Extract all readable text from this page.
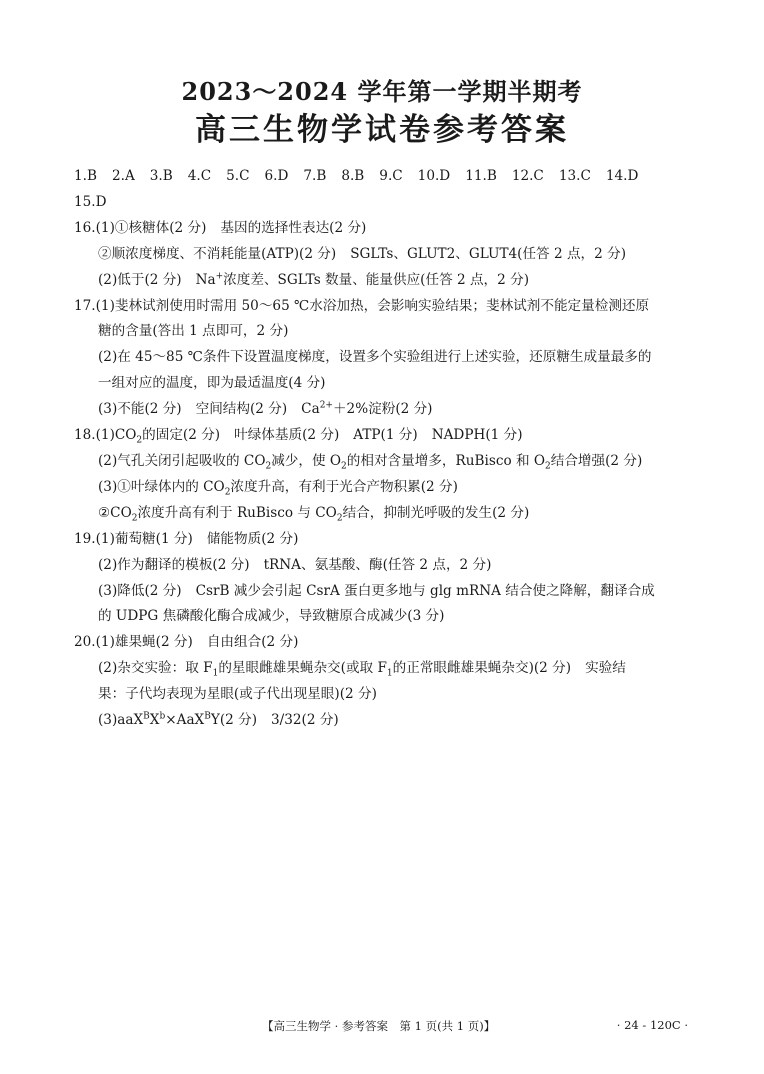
2023～2024 学年第一学期半期考
高三生物学试卷参考答案
1.B 2.A 3.B 4.C 5.C 6.D 7.B 8.B 9.C 10.D 11.B 12.C 13.C 14.D
15.D
16.(1)①核糖体(2 分) 基因的选择性表达(2 分)
②顺浓度梯度、不消耗能量(ATP)(2 分) SGLTs、GLUT2、GLUT4(任答 2 点，2 分)
(2)低于(2 分) Na+浓度差、SGLTs 数量、能量供应(任答 2 点，2 分)
17.(1)斐林试剂使用时需用 50～65 ℃水浴加热，会影响实验结果；斐林试剂不能定量检测还原
糖的含量(答出 1 点即可，2 分)
(2)在 45～85 ℃条件下设置温度梯度，设置多个实验组进行上述实验，还原糖生成量最多的
一组对应的温度，即为最适温度(4 分)
(3)不能(2 分) 空间结构(2 分) $Ca^{2+}+2\%$淀粉(2 分)
$18.(1)CO_2$的固定(2 分) 叶绿体基质(2 分) ATP(1 分) NADPH(1 分)
(2)气孔关闭引起吸收的 $CO_2$减少，使 $O_2$的相对含量增多，RuBisco 和 $O_2$结合增强(2 分)
(3)①叶绿体内的 $CO_2$浓度升高，有利于光合产物积累(2 分)
$②CO_2$浓度升高有利于 RuBisco 与 $CO_2$结合，抑制光呼吸的发生(2 分)
19.(1)葡萄糖(1 分) 储能物质(2 分)
(2)作为翻译的模板(2 分) tRNA、氨基酸、酶(任答 2 点，2 分)
(3)降低(2 分) CsrB 减少会引起 CsrA 蛋白更多地与 glg mRNA 结合使之降解，翻译合成
的 UDPG 焦磷酸化酶合成减少，导致糖原合成减少(3 分)
20.(1)雄果蝇(2 分) 自由组合(2 分)
(2)杂交实验：取 $F_1$的星眼雌雄果蝇杂交(或取 $F_1$的正常眼雌雄果蝇杂交)(2 分) 实验结
果：子代均表现为星眼(或子代出现星眼)(2 分)
$(3)aaX^BX^b\times AaX^BY(2$ 分) 3/32(2 分)
【高三生物学 · 参考答案　第 1 页(共 1 页)】	· 24 - 120C ·
